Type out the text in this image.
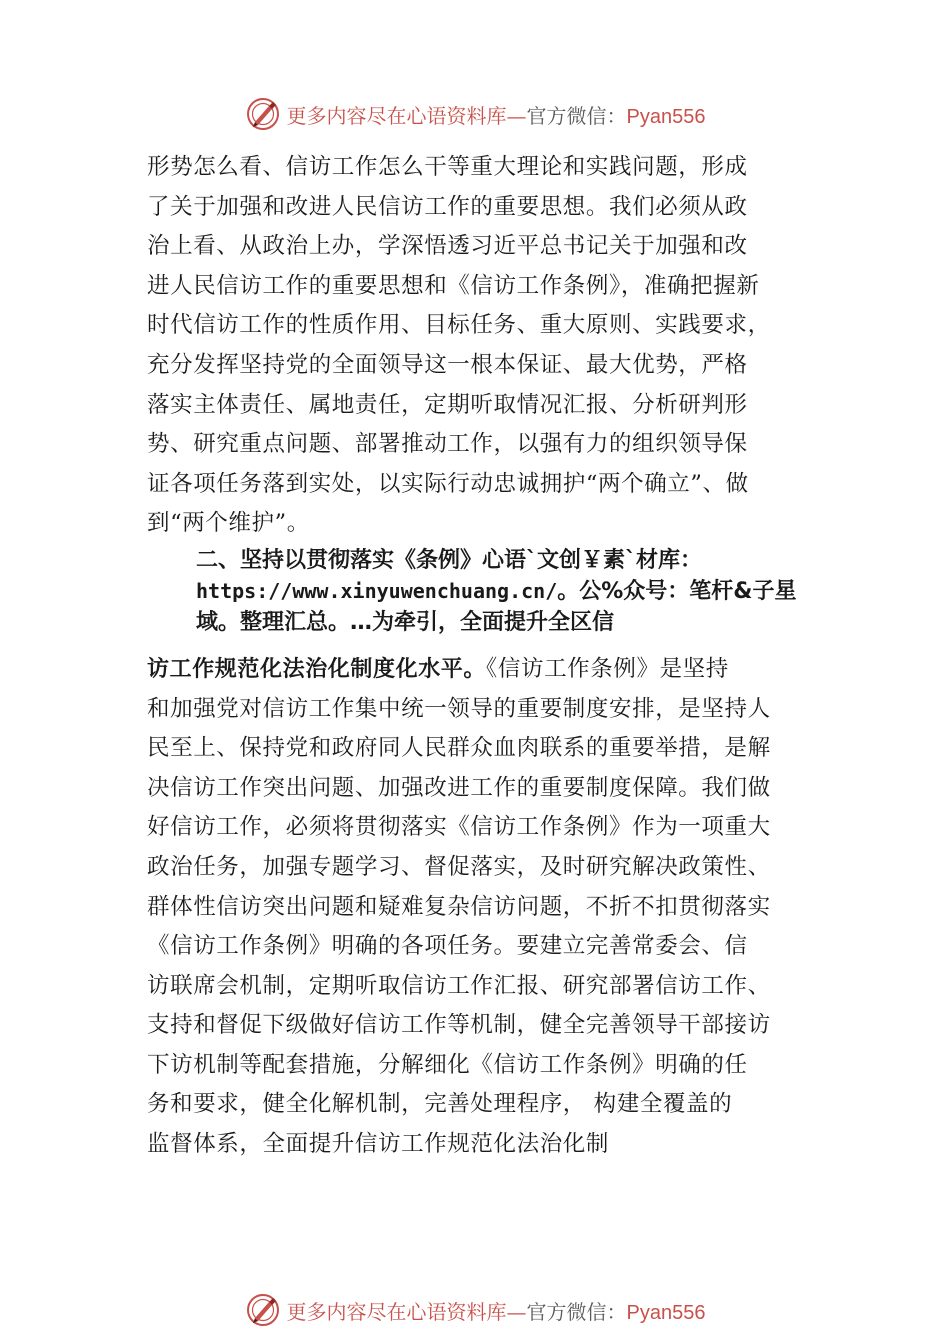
更多内容尽在心语资料库—官方微信：Pyan556
形势怎么看、信访工作怎么干等重大理论和实践问题，形成
了关于加强和改进人民信访工作的重要思想。我们必须从政
治上看、从政治上办，学深悟透习近平总书记关于加强和改
进人民信访工作的重要思想和《信访工作条例》，准确把握新
时代信访工作的性质作用、目标任务、重大原则、实践要求，
充分发挥坚持党的全面领导这一根本保证、最大优势，严格
落实主体责任、属地责任，定期听取情况汇报、分析研判形
势、研究重点问题、部署推动工作，以强有力的组织领导保
证各项任务落到实处，以实际行动忠诚拥护“两个确立”、做
到“两个维护”。
二、坚持以贯彻落实《条例》心语`文创￥素`材库：
https://www.xinyuwenchuang.cn/。公%众号：笔杆&子星
域。整理汇总。…为牵引，全面提升全区信
访工作规范化法治化制度化水平。《信访工作条例》是坚持
和加强党对信访工作集中统一领导的重要制度安排，是坚持人
民至上、保持党和政府同人民群众血肉联系的重要举措，是解
决信访工作突出问题、加强改进工作的重要制度保障。我们做
好信访工作，必须将贯彻落实《信访工作条例》作为一项重大
政治任务，加强专题学习、督促落实，及时研究解决政策性、
群体性信访突出问题和疑难复杂信访问题，不折不扣贯彻落实
《信访工作条例》明确的各项任务。要建立完善常委会、信
访联席会机制，定期听取信访工作汇报、研究部署信访工作、
支持和督促下级做好信访工作等机制，健全完善领导干部接访
下访机制等配套措施，分解细化《信访工作条例》明确的任
务和要求，健全化解机制，完善处理程序， 构建全覆盖的
监督体系，全面提升信访工作规范化法治化制
更多内容尽在心语资料库—官方微信：Pyan556
